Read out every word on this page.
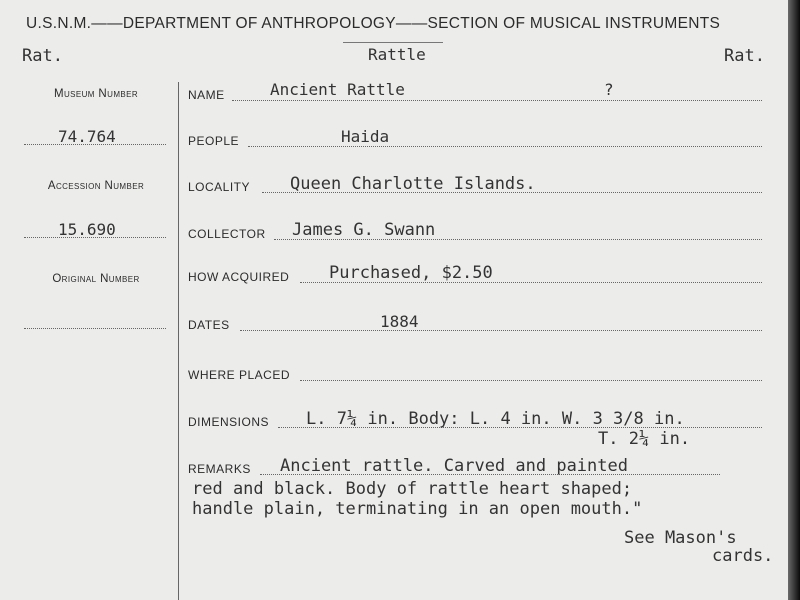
U.S.N.M.——DEPARTMENT OF ANTHROPOLOGY——SECTION OF MUSICAL INSTRUMENTS
Rat.	Rattle	Rat.
Museum Number
74.764
Accession Number
15.690
Original Number
NAME	Ancient Rattle	?
PEOPLE	Haida
LOCALITY Queen Charlotte Islands.
COLLECTOR James G. Swann
HOW ACQUIRED Purchased, $2.50
DATES	1884
WHERE PLACED
DIMENSIONS L. 7¼ in. Body: L. 4 in. W. 3 3/8 in.
T. 2¼ in.
REMARKS Ancient rattle. Carved and painted
red and black. Body of rattle heart shaped;
handle plain, terminating in an open mouth."
See Mason's
cards.
